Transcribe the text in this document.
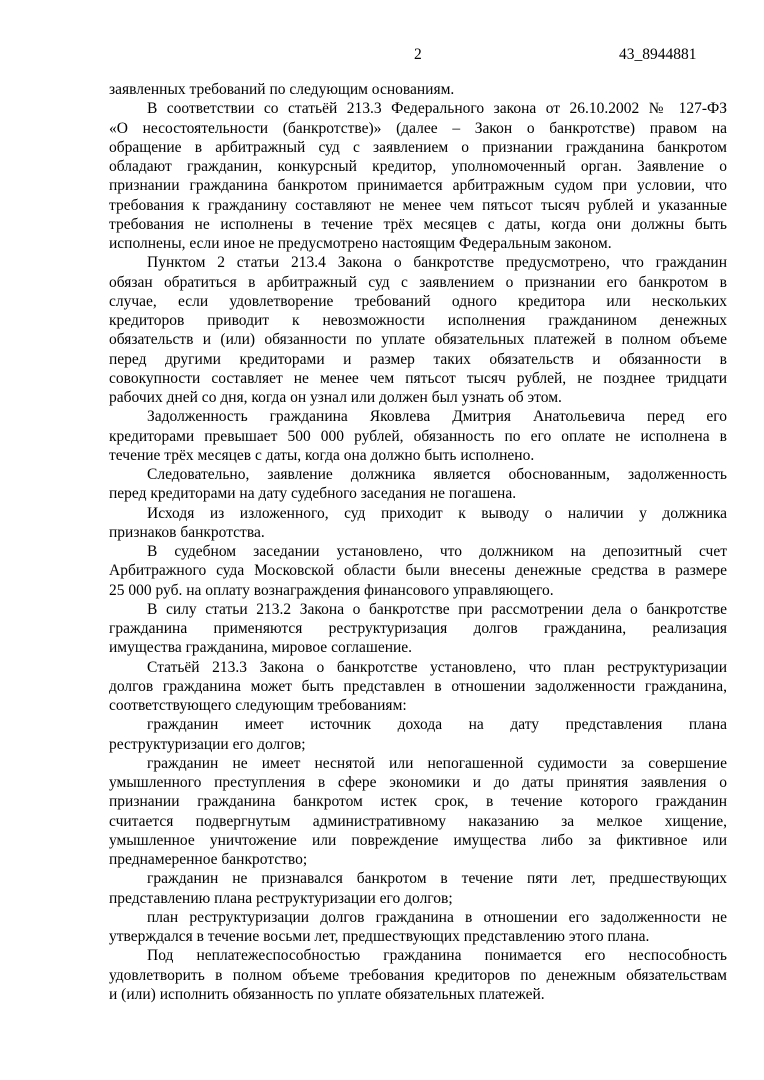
2	43_8944881
заявленных требований по следующим основаниям.
В соответствии со статьёй 213.3 Федерального закона от 26.10.2002 № 127-ФЗ
«О несостоятельности (банкротстве)» (далее – Закон о банкротстве) правом на
обращение в арбитражный суд с заявлением о признании гражданина банкротом
обладают гражданин, конкурсный кредитор, уполномоченный орган. Заявление о
признании гражданина банкротом принимается арбитражным судом при условии, что
требования к гражданину составляют не менее чем пятьсот тысяч рублей и указанные
требования не исполнены в течение трёх месяцев с даты, когда они должны быть
исполнены, если иное не предусмотрено настоящим Федеральным законом.
Пунктом 2 статьи 213.4 Закона о банкротстве предусмотрено, что гражданин
обязан обратиться в арбитражный суд с заявлением о признании его банкротом в
случае, если удовлетворение требований одного кредитора или нескольких
кредиторов приводит к невозможности исполнения гражданином денежных
обязательств и (или) обязанности по уплате обязательных платежей в полном объеме
перед другими кредиторами и размер таких обязательств и обязанности в
совокупности составляет не менее чем пятьсот тысяч рублей, не позднее тридцати
рабочих дней со дня, когда он узнал или должен был узнать об этом.
Задолженность гражданина Яковлева Дмитрия Анатольевича перед его
кредиторами превышает 500 000 рублей, обязанность по его оплате не исполнена в
течение трёх месяцев с даты, когда она должно быть исполнено.
Следовательно, заявление должника является обоснованным, задолженность
перед кредиторами на дату судебного заседания не погашена.
Исходя из изложенного, суд приходит к выводу о наличии у должника
признаков банкротства.
В судебном заседании установлено, что должником на депозитный счет
Арбитражного суда Московской области были внесены денежные средства в размере
25 000 руб. на оплату вознаграждения финансового управляющего.
В силу статьи 213.2 Закона о банкротстве при рассмотрении дела о банкротстве
гражданина применяются реструктуризация долгов гражданина, реализация
имущества гражданина, мировое соглашение.
Статьёй 213.3 Закона о банкротстве установлено, что план реструктуризации
долгов гражданина может быть представлен в отношении задолженности гражданина,
соответствующего следующим требованиям:
гражданин имеет источник дохода на дату представления плана
реструктуризации его долгов;
гражданин не имеет неснятой или непогашенной судимости за совершение
умышленного преступления в сфере экономики и до даты принятия заявления о
признании гражданина банкротом истек срок, в течение которого гражданин
считается подвергнутым административному наказанию за мелкое хищение,
умышленное уничтожение или повреждение имущества либо за фиктивное или
преднамеренное банкротство;
гражданин не признавался банкротом в течение пяти лет, предшествующих
представлению плана реструктуризации его долгов;
план реструктуризации долгов гражданина в отношении его задолженности не
утверждался в течение восьми лет, предшествующих представлению этого плана.
Под неплатежеспособностью гражданина понимается его неспособность
удовлетворить в полном объеме требования кредиторов по денежным обязательствам
и (или) исполнить обязанность по уплате обязательных платежей.
